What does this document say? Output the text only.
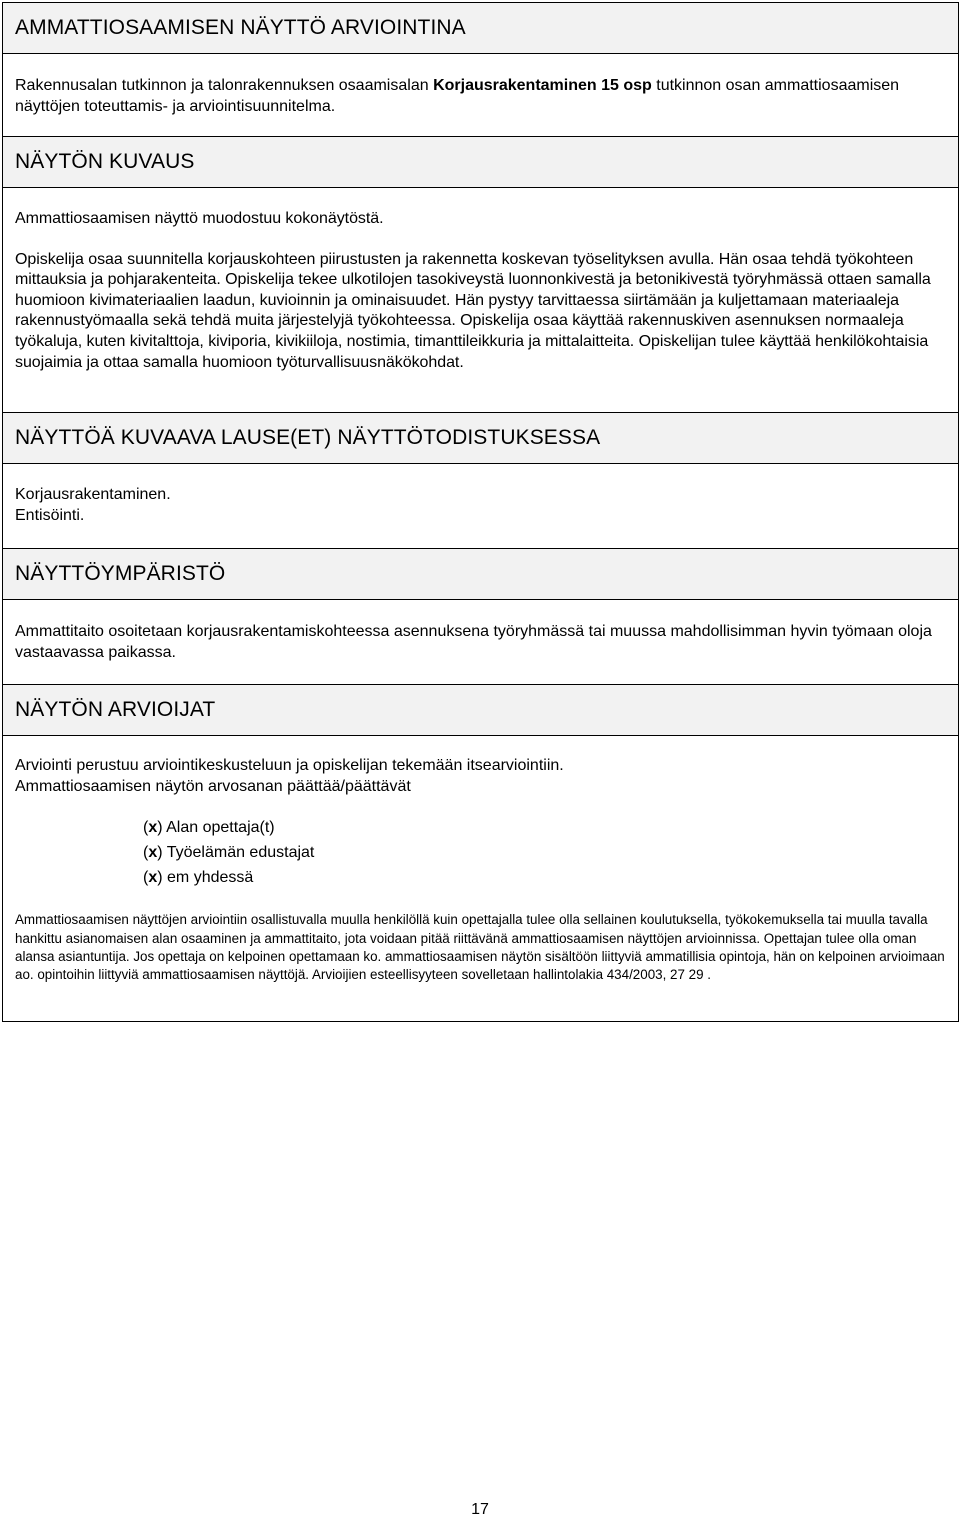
AMMATTIOSAAMISEN NÄYTTÖ ARVIOINTINA

Rakennusalan tutkinnon ja talonrakennuksen osaamisalan Korjausrakentaminen 15 osp tutkinnon osan ammattiosaamisen näyttöjen toteuttamis- ja arviointisuunnitelma.

NÄYTÖN KUVAUS

Ammattiosaamisen näyttö muodostuu kokonäytöstä.

Opiskelija osaa suunnitella korjauskohteen piirustusten ja rakennetta koskevan työselityksen avulla. Hän osaa tehdä työkohteen mittauksia ja pohjarakenteita. Opiskelija tekee ulkotilojen tasokiveystä luonnonkivestä ja betonikivestä työryhmässä ottaen samalla huomioon kivimateriaalien laadun, kuvioinnin ja ominaisuudet. Hän pystyy tarvittaessa siirtämään ja kuljettamaan materiaaleja rakennustyömaalla sekä tehdä muita järjestelyjä työkohteessa. Opiskelija osaa käyttää rakennuskiven asennuksen normaaleja työkaluja, kuten kivitalttoja, kiviporia, kivikiiloja, nostimia, timanttileikkuria ja mittalaitteita. Opiskelijan tulee käyttää henkilökohtaisia suojaimia ja ottaa samalla huomioon työturvallisuusnäkökohdat.

NÄYTTÖÄ KUVAAVA LAUSE(ET) NÄYTTÖTODISTUKSESSA

Korjausrakentaminen.

Entisöinti.

NÄYTTÖYMPÄRISTÖ

Ammattitaito osoitetaan korjausrakentamiskohteessa asennuksena työryhmässä tai muussa mahdollisimman hyvin työmaan oloja vastaavassa paikassa.

NÄYTÖN ARVIOIJAT

Arviointi perustuu arviointikeskusteluun ja opiskelijan tekemään itsearviointiin.

Ammattiosaamisen näytön arvosanan päättää/päättävät

(x) Alan opettaja(t)
(x) Työelämän edustajat
(x) em yhdessä

Ammattiosaamisen näyttöjen arviointiin osallistuvalla muulla henkilöllä kuin opettajalla tulee olla sellainen koulutuksella, työkokemuksella tai muulla tavalla hankittu asianomaisen alan osaaminen ja ammattitaito, jota voidaan pitää riittävänä ammattiosaamisen näyttöjen arvioinnissa. Opettajan tulee olla oman alansa asiantuntija. Jos opettaja on kelpoinen opettamaan ko. ammattiosaamisen näytön sisältöön liittyviä ammatillisia opintoja, hän on kelpoinen arvioimaan ao. opintoihin liittyviä ammattiosaamisen näyttöjä. Arvioijien esteellisyyteen sovelletaan hallintolakia 434/2003, 27 29 .

17
